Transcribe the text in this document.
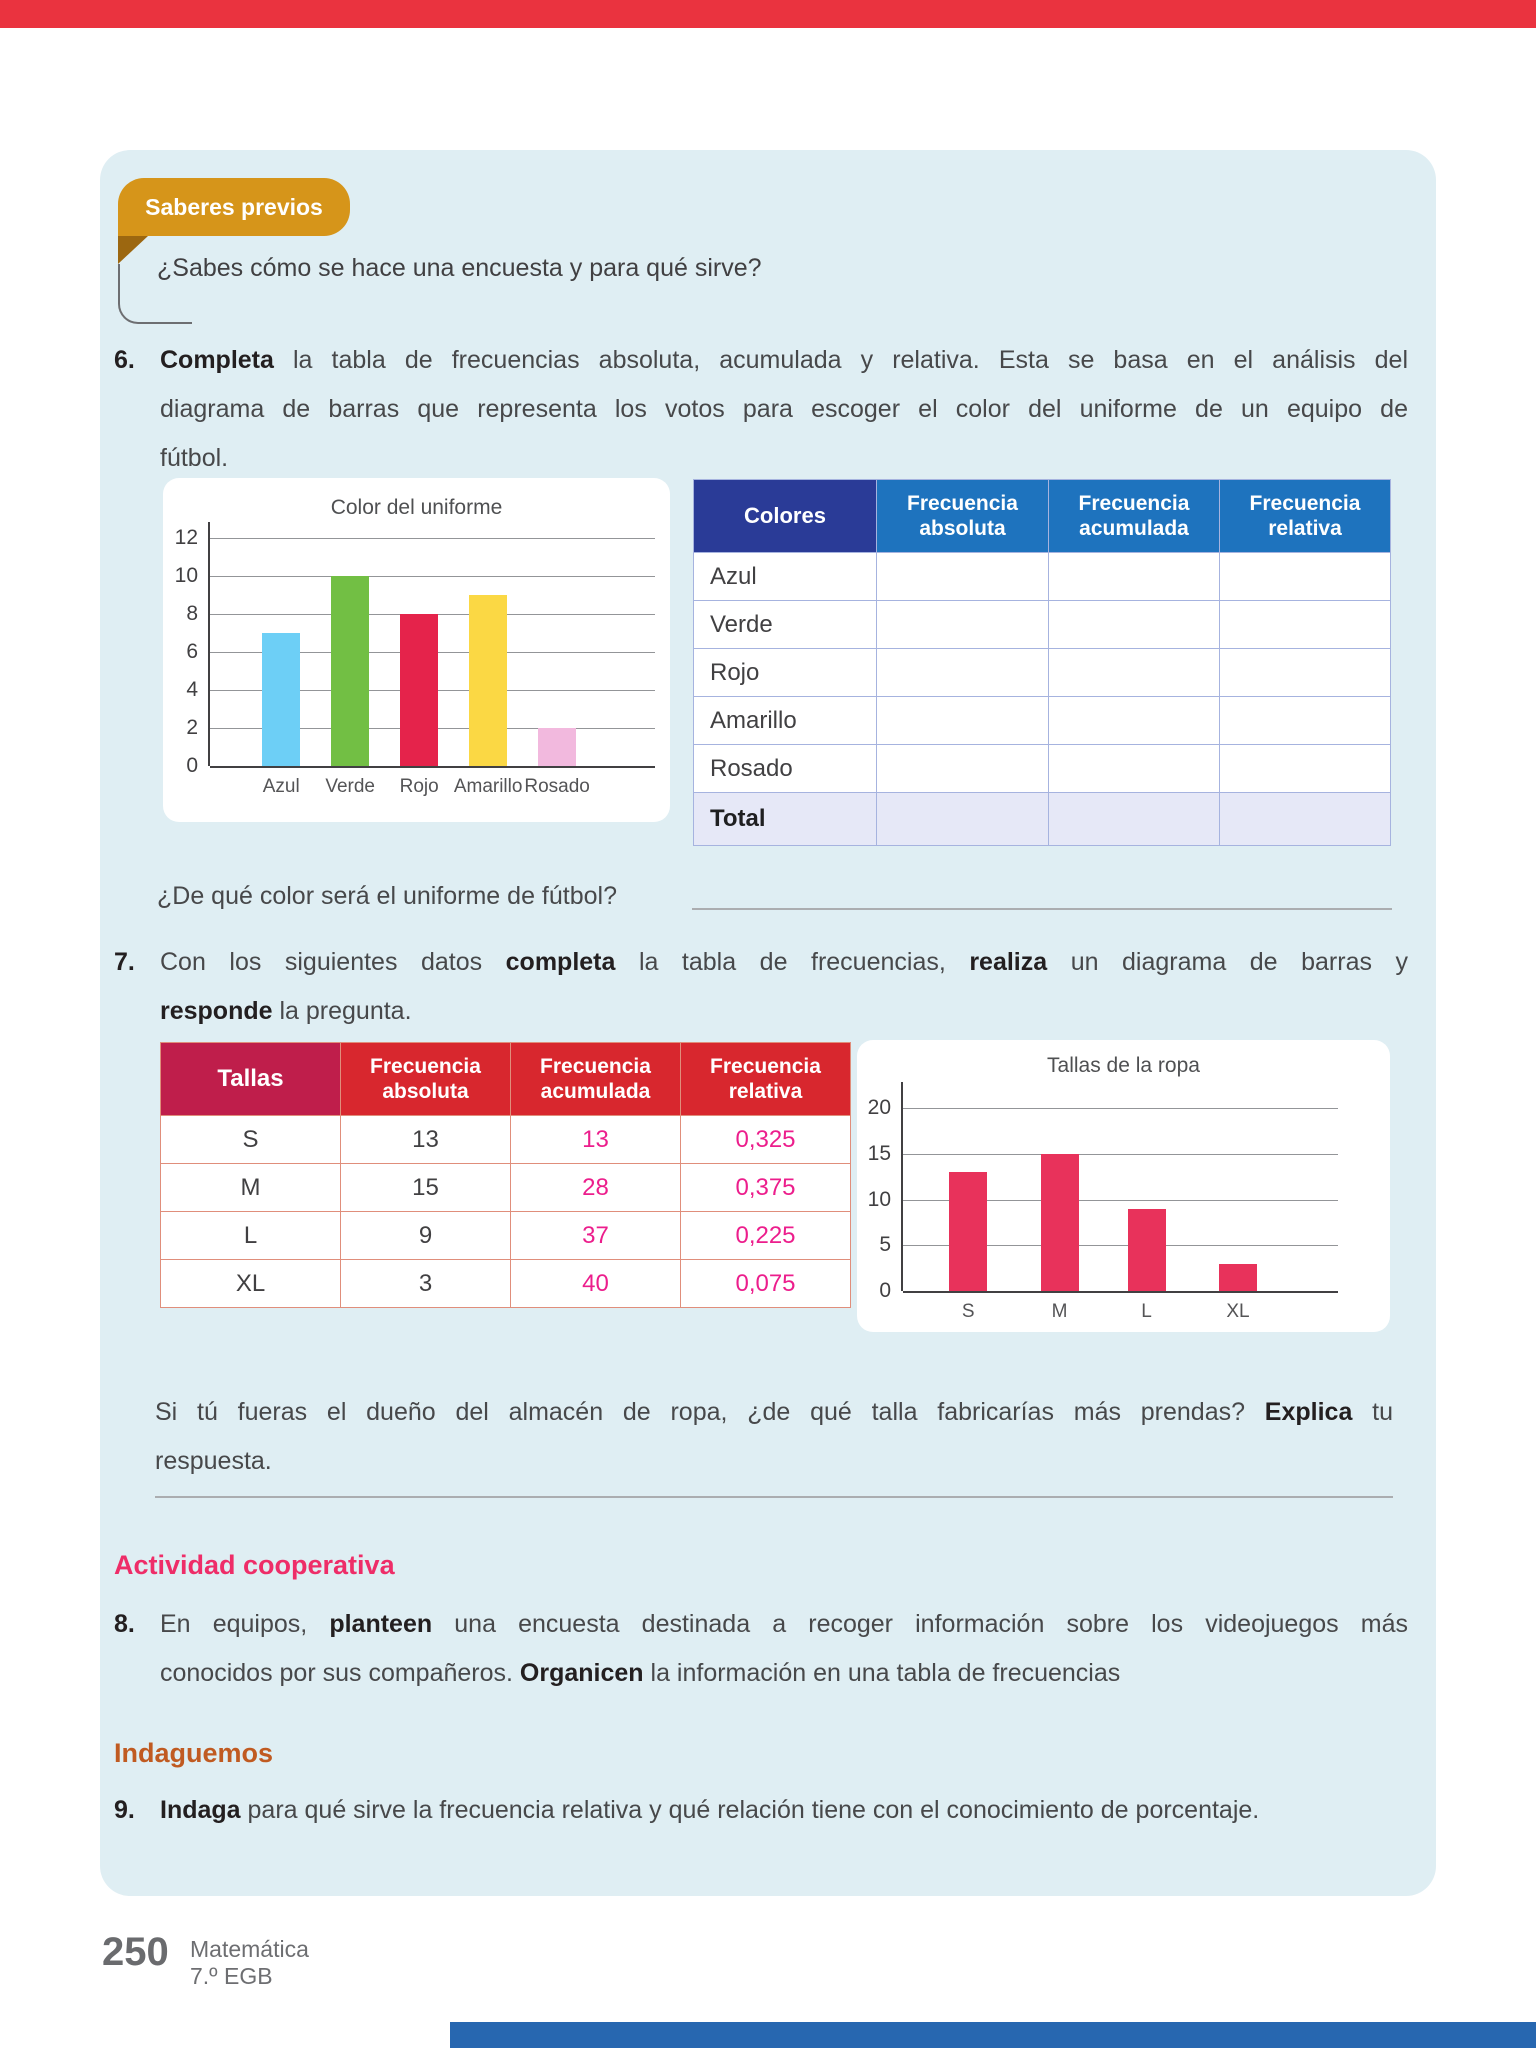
Saberes previos
¿Sabes cómo se hace una encuesta y para qué sirve?
6.	Completa la tabla de frecuencias absoluta, acumulada y relativa. Esta se basa en el análisis del
diagrama de barras que representa los votos para escoger el color del uniforme de un equipo de
fútbol.
Color del uniforme
12
10
8
6
4
2
0
Azul Verde Rojo Amarillo Rosado
Colores	Frecuencia absoluta	Frecuencia acumulada	Frecuencia relativa
Azul			
Verde			
Rojo			
Amarillo			
Rosado			
Total			
¿De qué color será el uniforme de fútbol?
7.	Con los siguientes datos completa la tabla de frecuencias, realiza un diagrama de barras y
responde la pregunta.
Tallas	Frecuencia absoluta	Frecuencia acumulada	Frecuencia relativa
S	13	13	0,325
M	15	28	0,375
L	9	37	0,225
XL	3	40	0,075
Tallas de la ropa
20
15
10
5
0
S	M	L	XL
Si tú fueras el dueño del almacén de ropa, ¿de qué talla fabricarías más prendas? Explica tu
respuesta.
Actividad cooperativa
8.	En equipos, planteen una encuesta destinada a recoger información sobre los videojuegos más
conocidos por sus compañeros. Organicen la información en una tabla de frecuencias
Indaguemos
9.	Indaga para qué sirve la frecuencia relativa y qué relación tiene con el conocimiento de porcentaje.
250 Matemática
7.º EGB
